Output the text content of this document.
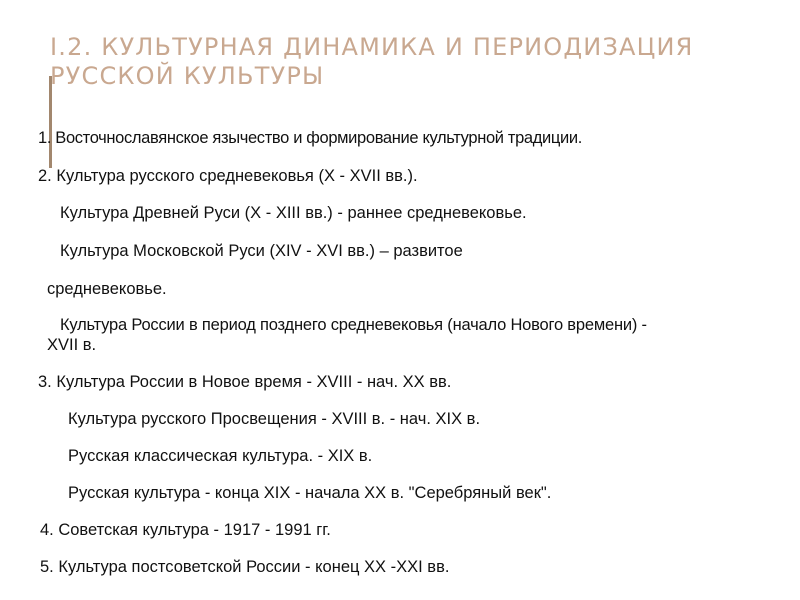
I.2. КУЛЬТУРНАЯ ДИНАМИКА И ПЕРИОДИЗАЦИЯ РУССКОЙ КУЛЬТУРЫ
1. Восточнославянское язычество и формирование культурной традиции.
2. Культура русского средневековья (X - XVII вв.).
Культура Древней Руси (X - XIII вв.) - раннее средневековье.
Культура Московской Руси (XIV - XVI вв.) – развитое
средневековье.
Культура России в период позднего средневековья (начало Нового времени) -
XVII в.
3. Культура России в Новое время - XVIII - нач. XX вв.
Культура русского Просвещения - XVIII в. - нач. XIX в.
Русская классическая культура. - XIX в.
Русская культура - конца XIX - начала XX в. "Серебряный век".
4. Советская культура - 1917 - 1991 гг.
5. Культура постсоветской России - конец XX -XXI вв.
